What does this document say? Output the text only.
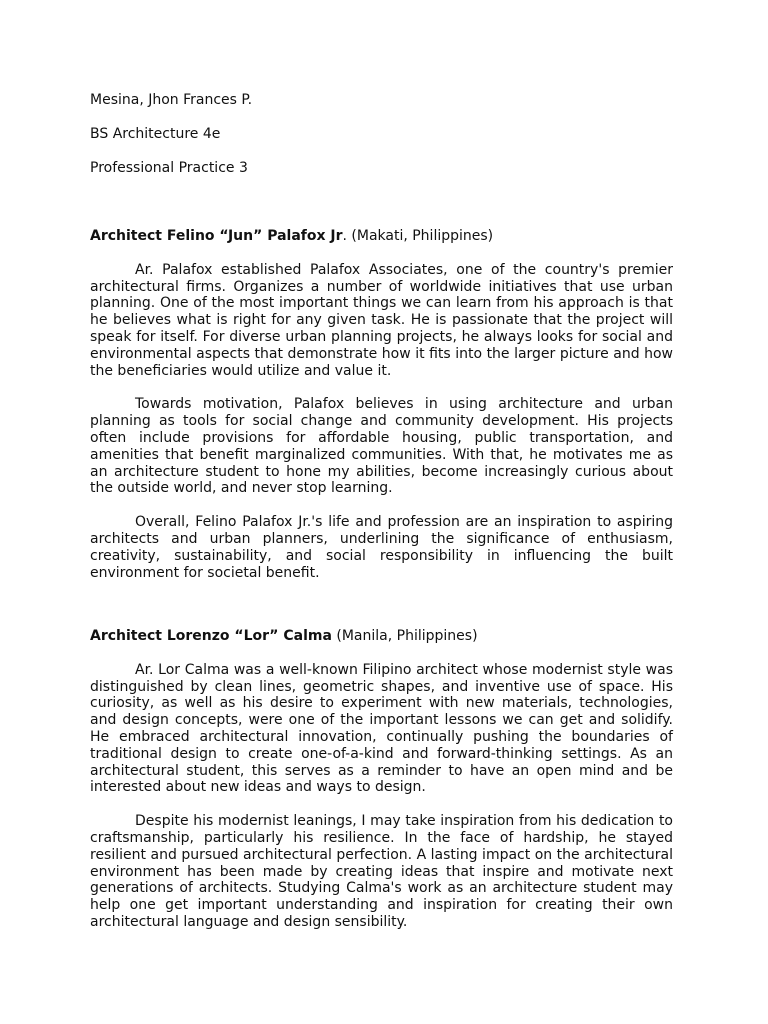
Mesina, Jhon Frances P.

BS Architecture 4e

Professional Practice 3

Architect Felino “Jun” Palafox Jr. (Makati, Philippines)

Ar. Palafox established Palafox Associates, one of the country's premier architectural firms. Organizes a number of worldwide initiatives that use urban planning. One of the most important things we can learn from his approach is that he believes what is right for any given task. He is passionate that the project will speak for itself. For diverse urban planning projects, he always looks for social and environmental aspects that demonstrate how it fits into the larger picture and how the beneficiaries would utilize and value it.

Towards motivation, Palafox believes in using architecture and urban planning as tools for social change and community development. His projects often include provisions for affordable housing, public transportation, and amenities that benefit marginalized communities. With that, he motivates me as an architecture student to hone my abilities, become increasingly curious about the outside world, and never stop learning.

Overall, Felino Palafox Jr.'s life and profession are an inspiration to aspiring architects and urban planners, underlining the significance of enthusiasm, creativity, sustainability, and social responsibility in influencing the built environment for societal benefit.

Architect Lorenzo “Lor” Calma (Manila, Philippines)

Ar. Lor Calma was a well-known Filipino architect whose modernist style was distinguished by clean lines, geometric shapes, and inventive use of space. His curiosity, as well as his desire to experiment with new materials, technologies, and design concepts, were one of the important lessons we can get and solidify. He embraced architectural innovation, continually pushing the boundaries of traditional design to create one-of-a-kind and forward-thinking settings. As an architectural student, this serves as a reminder to have an open mind and be interested about new ideas and ways to design.

Despite his modernist leanings, I may take inspiration from his dedication to craftsmanship, particularly his resilience. In the face of hardship, he stayed resilient and pursued architectural perfection. A lasting impact on the architectural environment has been made by creating ideas that inspire and motivate next generations of architects. Studying Calma's work as an architecture student may help one get important understanding and inspiration for creating their own architectural language and design sensibility.
